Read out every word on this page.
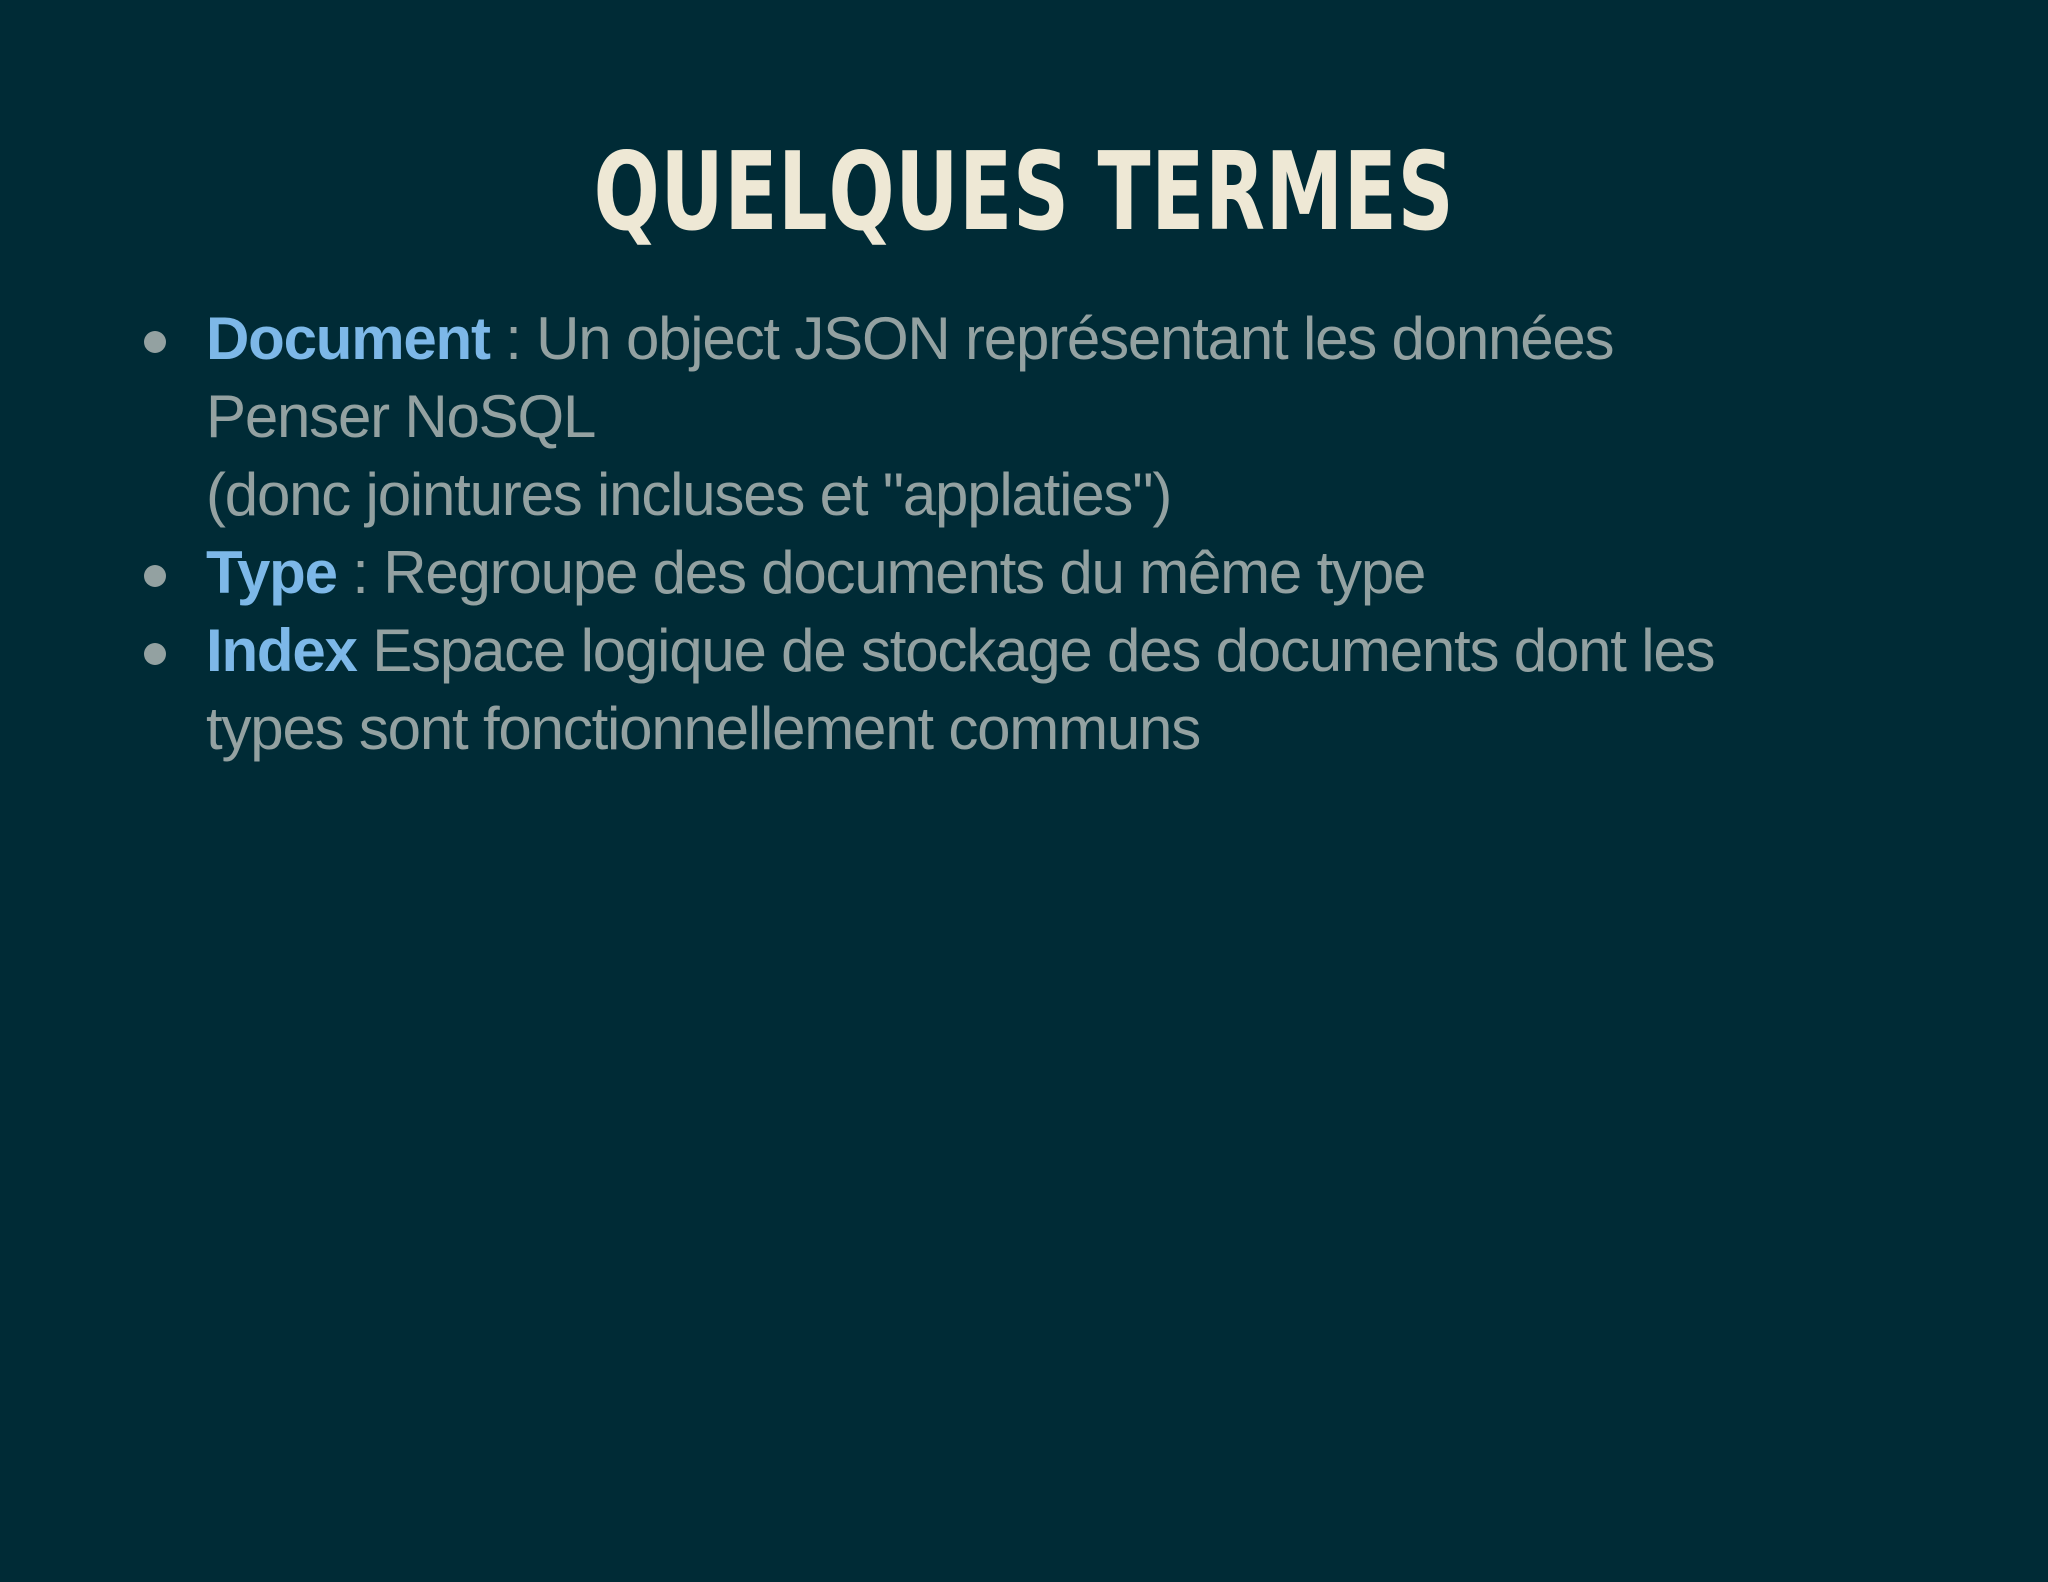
QUELQUES TERMES
Document : Un object JSON représentant les données
Penser NoSQL
(donc jointures incluses et "applaties")
Type : Regroupe des documents du même type
Index Espace logique de stockage des documents dont les
types sont fonctionnellement communs
